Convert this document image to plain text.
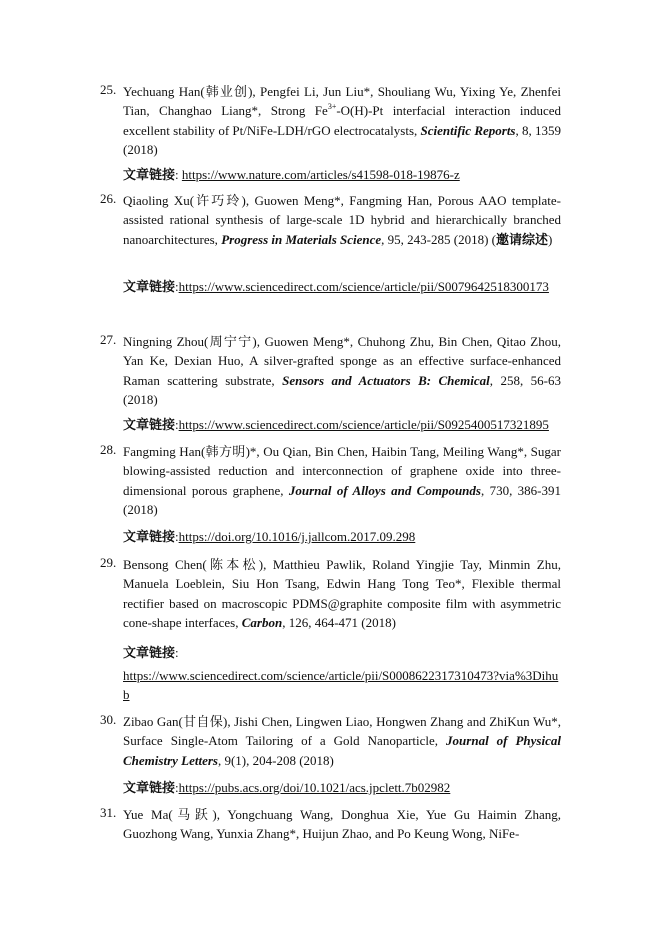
25. Yechuang Han(韩业创), Pengfei Li, Jun Liu*, Shouliang Wu, Yixing Ye, Zhenfei Tian, Changhao Liang*, Strong $Fe^{3+}-O(H)-Pt$ interfacial interaction induced excellent stability of Pt/NiFe-LDH/rGO electrocatalysts, Scientific Reports, 8, 1359 (2018)
文章链接: https://www.nature.com/articles/s41598-018-19876-z
26. Qiaoling Xu(许巧玲), Guowen Meng*, Fangming Han, Porous AAO template-assisted rational synthesis of large-scale 1D hybrid and hierarchically branched nanoarchitectures, Progress in Materials Science, 95, 243-285 (2018) (邀请综述)
文章链接:https://www.sciencedirect.com/science/article/pii/S0079642518300173
27. Ningning Zhou(周宁宁), Guowen Meng*, Chuhong Zhu, Bin Chen, Qitao Zhou, Yan Ke, Dexian Huo, A silver-grafted sponge as an effective surface-enhanced Raman scattering substrate, Sensors and Actuators B: Chemical, 258, 56-63 (2018)
文章链接:https://www.sciencedirect.com/science/article/pii/S0925400517321895
28. Fangming Han(韩方明)*, Ou Qian, Bin Chen, Haibin Tang, Meiling Wang*, Sugar blowing-assisted reduction and interconnection of graphene oxide into three-dimensional porous graphene, Journal of Alloys and Compounds, 730, 386-391 (2018)
文章链接:https://doi.org/10.1016/j.jallcom.2017.09.298
29. Bensong Chen(陈本松), Matthieu Pawlik, Roland Yingjie Tay, Minmin Zhu, Manuela Loeblein, Siu Hon Tsang, Edwin Hang Tong Teo*, Flexible thermal rectifier based on macroscopic PDMS@graphite composite film with asymmetric cone-shape interfaces, Carbon, 126, 464-471 (2018)
文章链接:
https://www.sciencedirect.com/science/article/pii/S0008622317310473?via%3Dihub
30. Zibao Gan(甘自保), Jishi Chen, Lingwen Liao, Hongwen Zhang and ZhiKun Wu*, Surface Single-Atom Tailoring of a Gold Nanoparticle, Journal of Physical Chemistry Letters, 9(1), 204-208 (2018)
文章链接:https://pubs.acs.org/doi/10.1021/acs.jpclett.7b02982
31. Yue Ma(马跃), Yongchuang Wang, Donghua Xie, Yue Gu Haimin Zhang, Guozhong Wang, Yunxia Zhang*, Huijun Zhao, and Po Keung Wong, NiFe-
